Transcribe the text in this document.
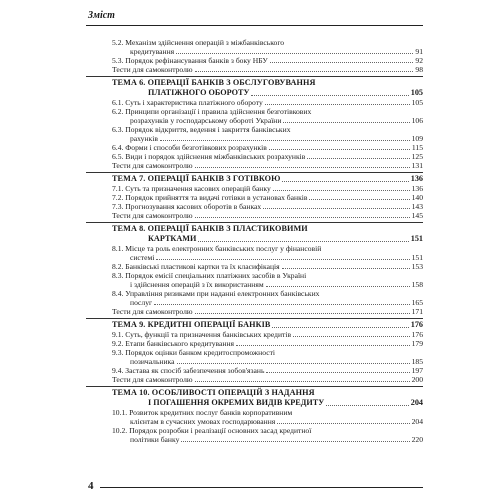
Зміст
5.2. Механізм здійснення операцій з міжбанківського
кредитування	91
5.3. Порядок рефінансування банків з боку НБУ	92
Тести для самоконтролю	98
ТЕМА 6. ОПЕРАЦІЇ БАНКІВ З ОБСЛУГОВУВАННЯ
ПЛАТІЖНОГО ОБОРОТУ	105
6.1. Суть і характеристика платіжного обороту	105
6.2. Принципи організації і правила здійснення безготівкових
розрахунків у господарському обороті України	106
6.3. Порядок відкриття, ведення і закриття банківських
рахунків	109
6.4. Форми і способи безготівкових розрахунків	115
6.5. Види і порядок здійснення міжбанківських розрахунків	125
Тести для самоконтролю	131
ТЕМА 7. ОПЕРАЦІЇ БАНКІВ З ГОТІВКОЮ	136
7.1. Суть та призначення касових операцій банку	136
7.2. Порядок прийняття та видачі готівки в установах банків	140
7.3. Прогнозування касових оборотів в банках	143
Тести для самоконтролю	145
ТЕМА 8. ОПЕРАЦІЇ БАНКІВ З ПЛАСТИКОВИМИ
КАРТКАМИ	151
8.1. Місце та роль електронних банківських послуг у фінансовій
системі	151
8.2. Банківські пластикові картки та їх класифікація	153
8.3. Порядок емісії спеціальних платіжних засобів в Україні
і здійснення операцій з їх використанням	158
8.4. Управління ризиками при наданні електронних банківських
послуг	165
Тести для самоконтролю	171
ТЕМА 9. КРЕДИТНІ ОПЕРАЦІЇ БАНКІВ	176
9.1. Суть, функції та призначення банківських кредитів	176
9.2. Етапи банківського кредитування	179
9.3. Порядок оцінки банком кредитоспроможності
позичальника	185
9.4. Застава як спосіб забезпечення зобов'язань	197
Тести для самоконтролю	200
ТЕМА 10. ОСОБЛИВОСТІ ОПЕРАЦІЙ З НАДАННЯ
І ПОГАШЕННЯ ОКРЕМИХ ВИДІВ КРЕДИТУ	204
10.1. Розвиток кредитних послуг банків корпоративним
клієнтам в сучасних умовах господарювання	204
10.2. Порядок розробки і реалізації основних засад кредитної
політики банку	220
4
